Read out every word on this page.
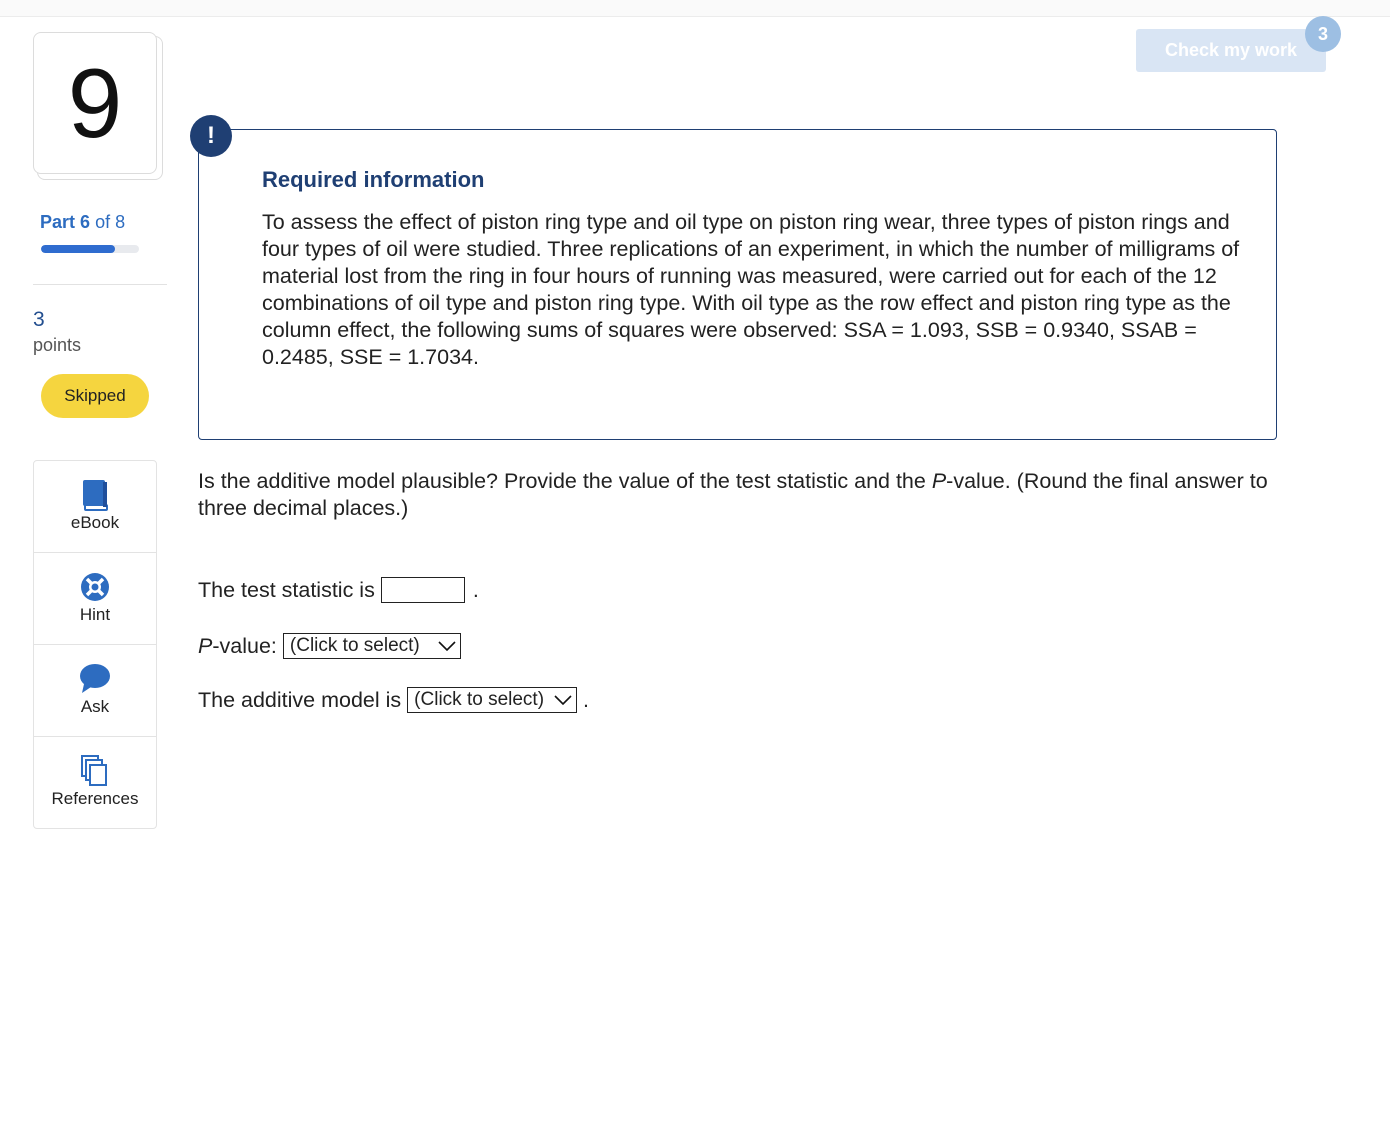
9
Part 6 of 8
3
points
Skipped
eBook
Hint
Ask
References
Check my work
3
!
Required information
To assess the effect of piston ring type and oil type on piston ring wear, three types of piston rings and four types of oil were studied. Three replications of an experiment, in which the number of milligrams of material lost from the ring in four hours of running was measured, were carried out for each of the 12 combinations of oil type and piston ring type. With oil type as the row effect and piston ring type as the column effect, the following sums of squares were observed: SSA = 1.093, SSB = 0.9340, SSAB = 0.2485, SSE = 1.7034.
Is the additive model plausible? Provide the value of the test statistic and the P-value. (Round the final answer to three decimal places.)
The test statistic is	.
P -value: (Click to select)
The additive model is (Click to select) .
